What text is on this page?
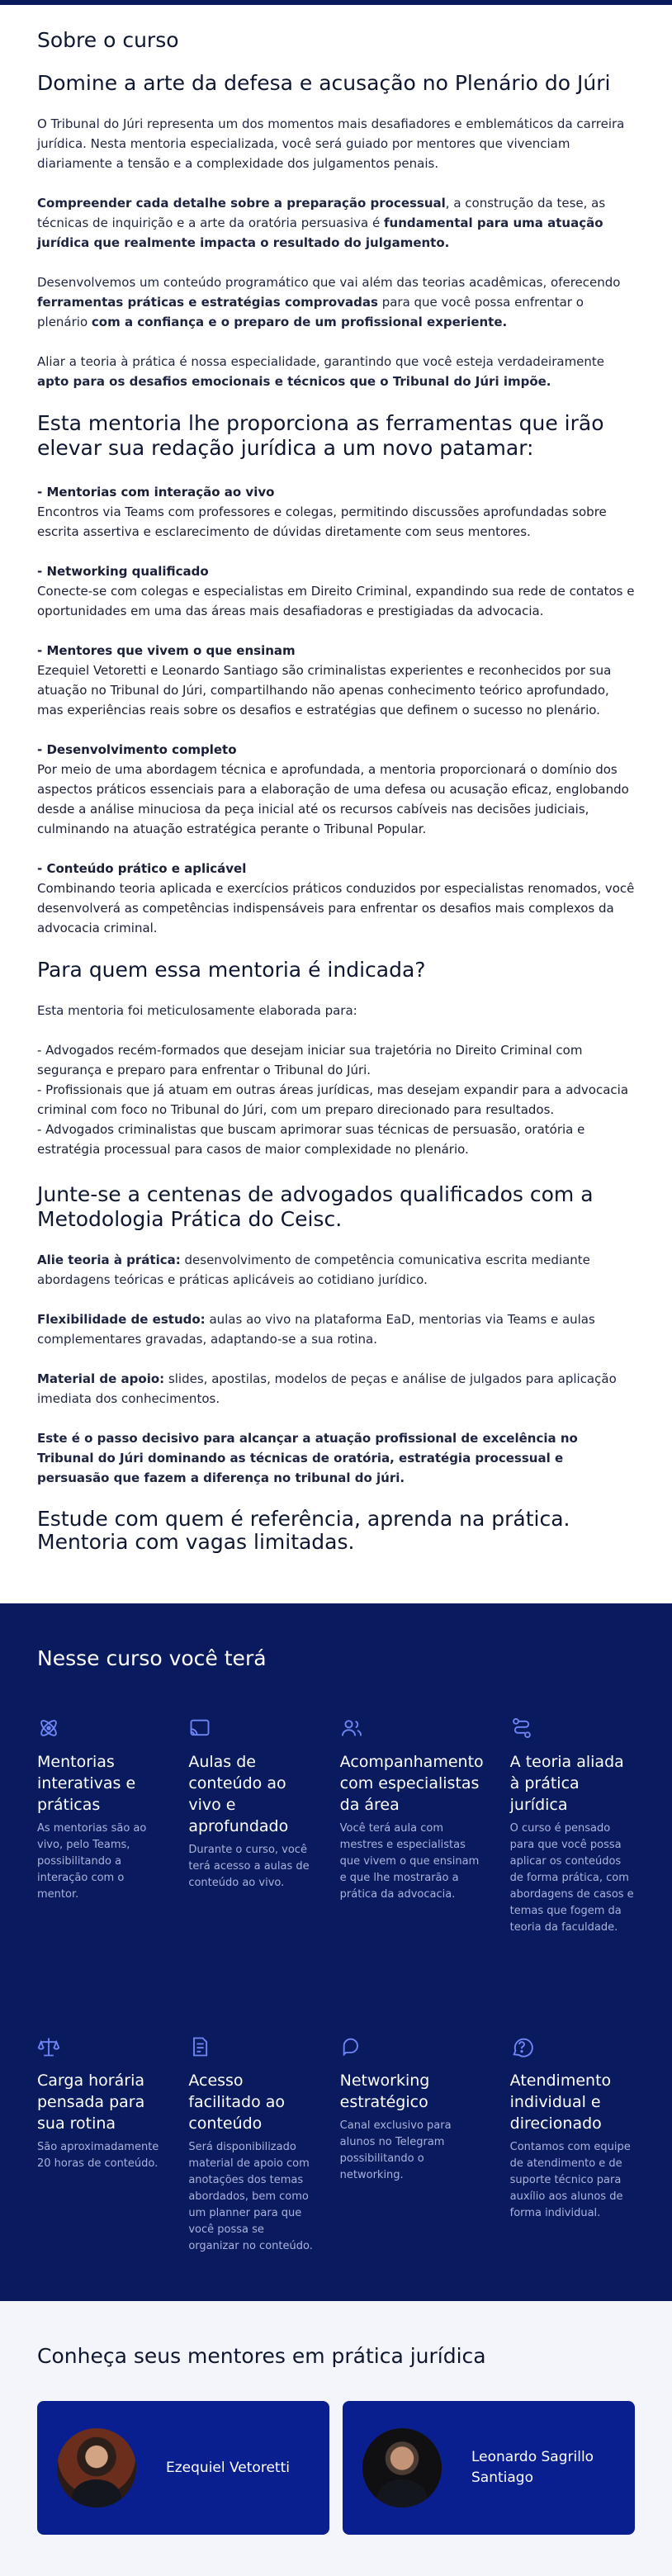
Sobre o curso
Domine a arte da defesa e acusação no Plenário do Júri

O Tribunal do Júri representa um dos momentos mais desafiadores e emblemáticos da carreira jurídica. Nesta mentoria especializada, você será guiado por mentores que vivenciam diariamente a tensão e a complexidade dos julgamentos penais.

Compreender cada detalhe sobre a preparação processual, a construção da tese, as técnicas de inquirição e a arte da oratória persuasiva é fundamental para uma atuação jurídica que realmente impacta o resultado do julgamento.

Desenvolvemos um conteúdo programático que vai além das teorias acadêmicas, oferecendo ferramentas práticas e estratégias comprovadas para que você possa enfrentar o plenário com a confiança e o preparo de um profissional experiente.

Aliar a teoria à prática é nossa especialidade, garantindo que você esteja verdadeiramente apto para os desafios emocionais e técnicos que o Tribunal do Júri impõe.

Esta mentoria lhe proporciona as ferramentas que irão elevar sua redação jurídica a um novo patamar:
- Mentorias com interação ao vivo
Encontros via Teams com professores e colegas, permitindo discussões aprofundadas sobre escrita assertiva e esclarecimento de dúvidas diretamente com seus mentores.
- Networking qualificado
Conecte-se com colegas e especialistas em Direito Criminal, expandindo sua rede de contatos e oportunidades em uma das áreas mais desafiadoras e prestigiadas da advocacia.
- Mentores que vivem o que ensinam
Ezequiel Vetoretti e Leonardo Santiago são criminalistas experientes e reconhecidos por sua atuação no Tribunal do Júri, compartilhando não apenas conhecimento teórico aprofundado, mas experiências reais sobre os desafios e estratégias que definem o sucesso no plenário.
- Desenvolvimento completo
Por meio de uma abordagem técnica e aprofundada, a mentoria proporcionará o domínio dos aspectos práticos essenciais para a elaboração de uma defesa ou acusação eficaz, englobando desde a análise minuciosa da peça inicial até os recursos cabíveis nas decisões judiciais, culminando na atuação estratégica perante o Tribunal Popular.
- Conteúdo prático e aplicável
Combinando teoria aplicada e exercícios práticos conduzidos por especialistas renomados, você desenvolverá as competências indispensáveis para enfrentar os desafios mais complexos da advocacia criminal.
Para quem essa mentoria é indicada?

Esta mentoria foi meticulosamente elaborada para:

- Advogados recém-formados que desejam iniciar sua trajetória no Direito Criminal com segurança e preparo para enfrentar o Tribunal do Júri.
- Profissionais que já atuam em outras áreas jurídicas, mas desejam expandir para a advocacia criminal com foco no Tribunal do Júri, com um preparo direcionado para resultados.
- Advogados criminalistas que buscam aprimorar suas técnicas de persuasão, oratória e estratégia processual para casos de maior complexidade no plenário.
Junte-se a centenas de advogados qualificados com a Metodologia Prática do Ceisc.

Alie teoria à prática: desenvolvimento de competência comunicativa escrita mediante abordagens teóricas e práticas aplicáveis ao cotidiano jurídico.

Flexibilidade de estudo: aulas ao vivo na plataforma EaD, mentorias via Teams e aulas complementares gravadas, adaptando-se a sua rotina.

Material de apoio: slides, apostilas, modelos de peças e análise de julgados para aplicação imediata dos conhecimentos.

Este é o passo decisivo para alcançar a atuação profissional de excelência no Tribunal do Júri dominando as técnicas de oratória, estratégia processual e persuasão que fazem a diferença no tribunal do júri.

Estude com quem é referência, aprenda na prática. Mentoria com vagas limitadas.
Nesse curso você terá
Mentorias interativas e práticas
As mentorias são ao vivo, pelo Teams, possibilitando a interação com o mentor.
Aulas de conteúdo ao vivo e aprofundado
Durante o curso, você terá acesso a aulas de conteúdo ao vivo.
Acompanhamento com especialistas da área
Você terá aula com mestres e especialistas que vivem o que ensinam e que lhe mostrarão a prática da advocacia.
A teoria aliada à prática jurídica
O curso é pensado para que você possa aplicar os conteúdos de forma prática, com abordagens de casos e temas que fogem da teoria da faculdade.
Carga horária pensada para sua rotina
São aproximadamente 20 horas de conteúdo.
Acesso facilitado ao conteúdo
Será disponibilizado material de apoio com anotações dos temas abordados, bem como um planner para que você possa se organizar no conteúdo.
Networking estratégico
Canal exclusivo para alunos no Telegram possibilitando o networking.
Atendimento individual e direcionado
Contamos com equipe de atendimento e de suporte técnico para auxílio aos alunos de forma individual.
Conheça seus mentores em prática jurídica
Ezequiel Vetoretti
Leonardo Sagrillo Santiago
